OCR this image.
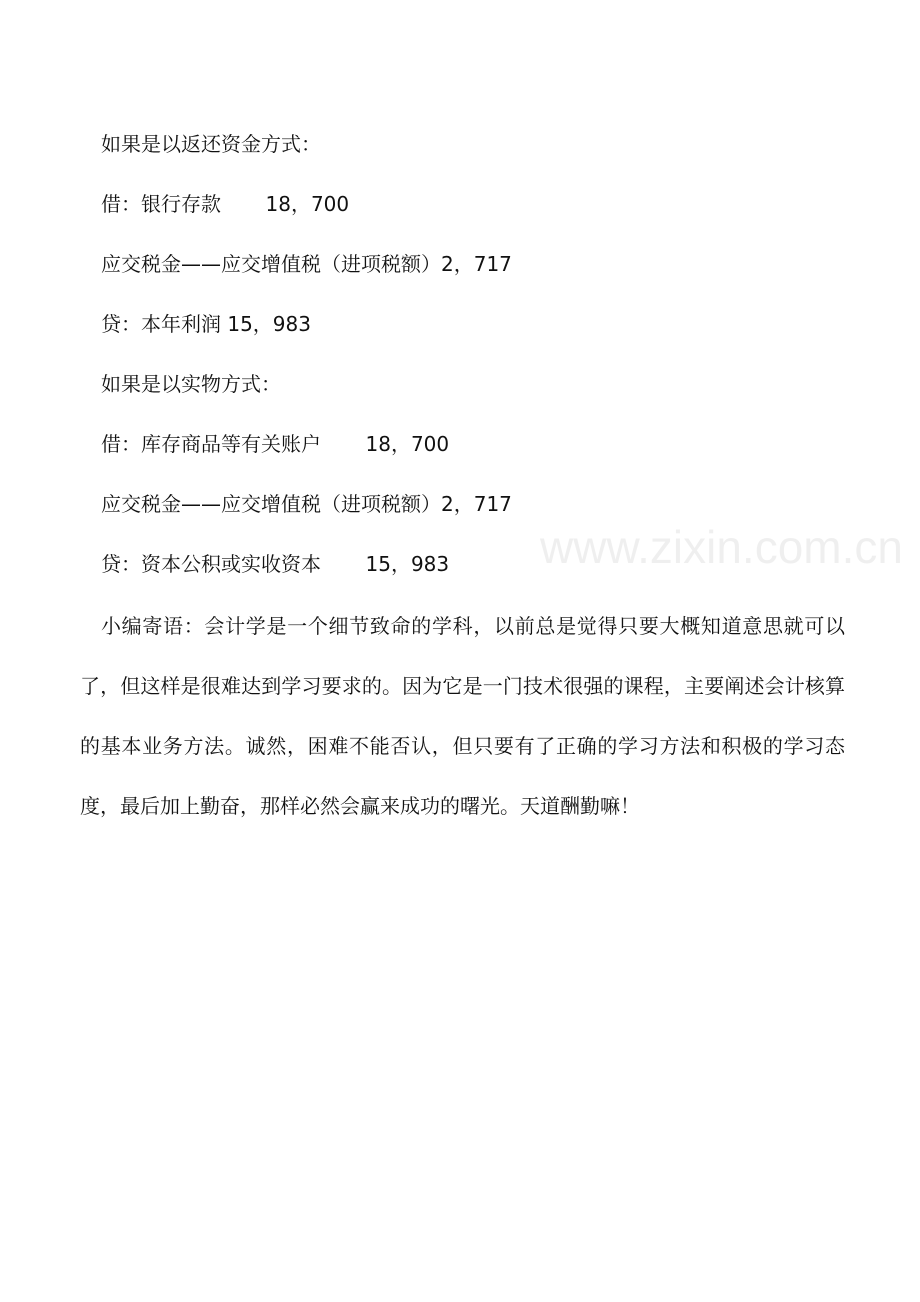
如果是以返还资金方式：
借：银行存款       18，700
应交税金——应交增值税（进项税额）2，717
贷：本年利润 15，983
如果是以实物方式：
借：库存商品等有关账户       18，700
应交税金——应交增值税（进项税额）2，717
贷：资本公积或实收资本       15，983 www.zixin.com.cn
小编寄语：会计学是一个细节致命的学科，以前总是觉得只要大概知道意思就可以了，但这样是很难达到学习要求的。因为它是一门技术很强的课程，主要阐述会计核算的基本业务方法。诚然，困难不能否认，但只要有了正确的学习方法和积极的学习态度，最后加上勤奋，那样必然会赢来成功的曙光。天道酬勤嘛！
